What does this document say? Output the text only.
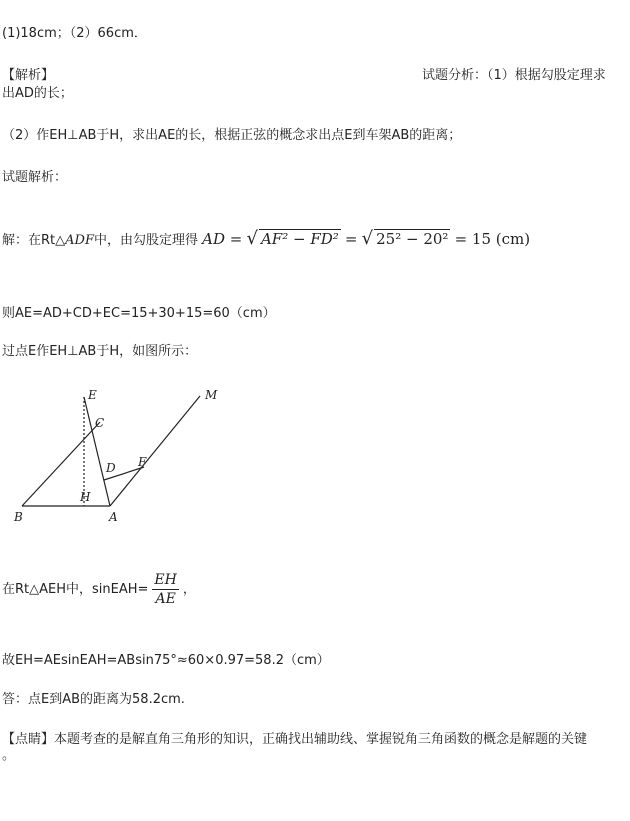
(1)18cm；（2）66cm．
【解析】	试题分析：（1）根据勾股定理求
出AD的长；
（2）作EH⊥AB于H，求出AE的长，根据正弦的概念求出点E到车架AB的距离；
试题解析：
解：在Rt△ADF中，由勾股定理得 AD = √ AF² − FD² = √ 25² − 20² = 15 (cm)
则AE=AD+CD+EC=15+30+15=60（cm）
过点E作EH⊥AB于H，如图所示：
E	M
C
D F
H
B	A
在Rt△AEH中，sinEAH= $\frac{EH}{AE}$ ，
故EH=AEsinEAH=ABsin75°≈60×0.97=58.2（cm）
答：点E到AB的距离为58.2cm.
【点睛】本题考查的是解直角三角形的知识，正确找出辅助线、掌握锐角三角函数的概念是解题的关键
。
